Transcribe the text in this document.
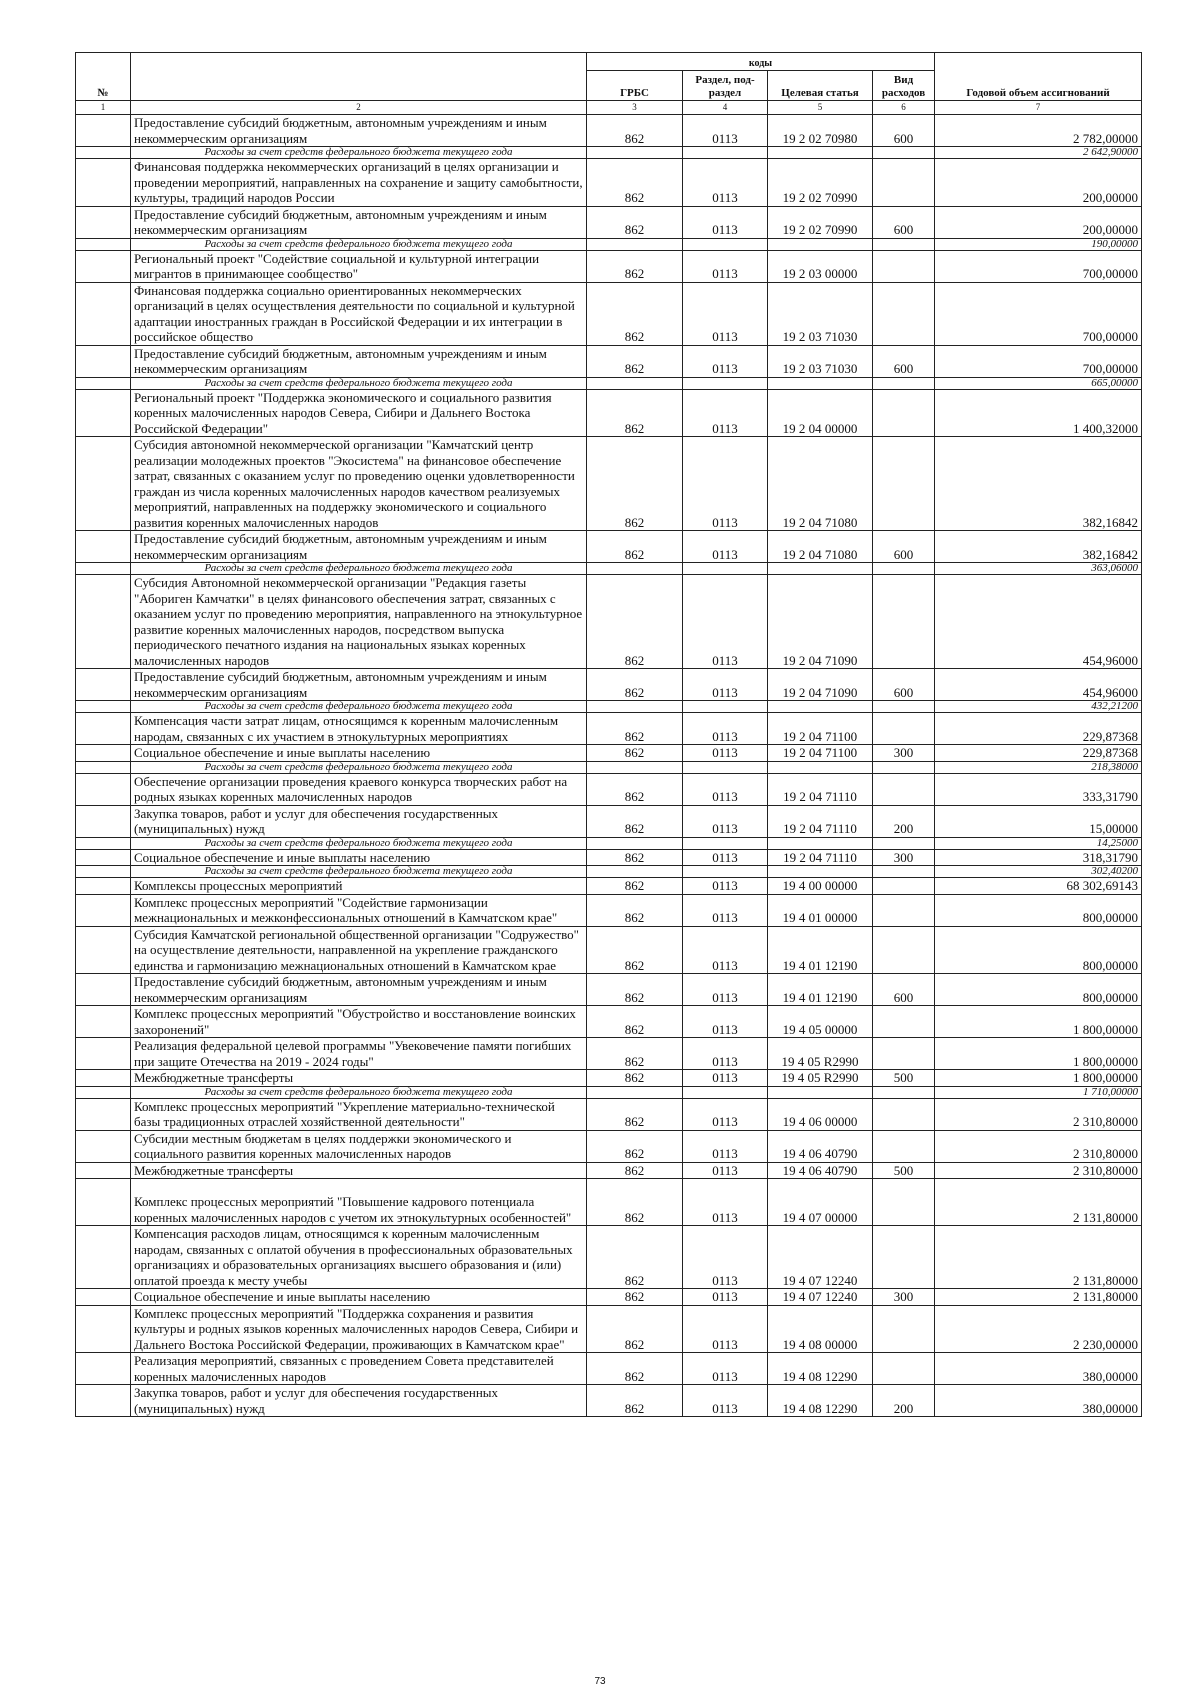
№		коды				Годовой объем ассигнований
		ГРБС	Раздел, под-раздел	Целевая статья	Вид расходов	
1	2	3	4	5	6	7
	Предоставление субсидий бюджетным, автономным учреждениям и иным некоммерческим организациям	862	0113	19 2 02 70980	600	2 782,00000
	Расходы за счет средств федерального бюджета текущего года					2 642,90000
	Финансовая поддержка некоммерческих организаций в целях организации и проведении мероприятий, направленных на сохранение и защиту самобытности, культуры, традиций народов России	862	0113	19 2 02 70990		200,00000
	Предоставление субсидий бюджетным, автономным учреждениям и иным некоммерческим организациям	862	0113	19 2 02 70990	600	200,00000
	Расходы за счет средств федерального бюджета текущего года					190,00000
	Региональный проект "Содействие социальной и культурной интеграции мигрантов в принимающее сообщество"	862	0113	19 2 03 00000		700,00000
	Финансовая поддержка социально ориентированных некоммерческих организаций в целях осуществления деятельности по социальной и культурной адаптации иностранных граждан в Российской Федерации и их интеграции в российское общество	862	0113	19 2 03 71030		700,00000
	Предоставление субсидий бюджетным, автономным учреждениям и иным некоммерческим организациям	862	0113	19 2 03 71030	600	700,00000
	Расходы за счет средств федерального бюджета текущего года					665,00000
	Региональный проект "Поддержка экономического и социального развития коренных малочисленных народов Севера, Сибири и Дальнего Востока Российской Федерации"	862	0113	19 2 04 00000		1 400,32000
	Субсидия автономной некоммерческой организации "Камчатский центр реализации молодежных проектов "Экосистема" на финансовое обеспечение затрат, связанных с оказанием услуг по проведению оценки удовлетворенности граждан из числа коренных малочисленных народов качеством реализуемых мероприятий, направленных на поддержку экономического и социального развития коренных малочисленных народов	862	0113	19 2 04 71080		382,16842
	Предоставление субсидий бюджетным, автономным учреждениям и иным некоммерческим организациям	862	0113	19 2 04 71080	600	382,16842
	Расходы за счет средств федерального бюджета текущего года					363,06000
	Субсидия Автономной некоммерческой организации "Редакция газеты "Абориген Камчатки" в целях финансового обеспечения затрат, связанных с оказанием услуг по проведению мероприятия, направленного на этнокультурное развитие коренных малочисленных народов, посредством выпуска периодического печатного издания на национальных языках коренных малочисленных народов	862	0113	19 2 04 71090		454,96000
	Предоставление субсидий бюджетным, автономным учреждениям и иным некоммерческим организациям	862	0113	19 2 04 71090	600	454,96000
	Расходы за счет средств федерального бюджета текущего года					432,21200
	Компенсация части затрат лицам, относящимся к коренным малочисленным народам, связанных с их участием в этнокультурных мероприятиях	862	0113	19 2 04 71100		229,87368
	Социальное обеспечение и иные выплаты населению	862	0113	19 2 04 71100	300	229,87368
	Расходы за счет средств федерального бюджета текущего года					218,38000
	Обеспечение организации проведения краевого конкурса творческих работ на родных языках коренных малочисленных народов	862	0113	19 2 04 71110		333,31790
	Закупка товаров, работ и услуг для обеспечения государственных (муниципальных) нужд	862	0113	19 2 04 71110	200	15,00000
	Расходы за счет средств федерального бюджета текущего года					14,25000
	Социальное обеспечение и иные выплаты населению	862	0113	19 2 04 71110	300	318,31790
	Расходы за счет средств федерального бюджета текущего года					302,40200
	Комплексы процессных мероприятий	862	0113	19 4 00 00000		68 302,69143
	Комплекс процессных мероприятий "Содействие гармонизации межнациональных и межконфессиональных отношений в Камчатском крае"	862	0113	19 4 01 00000		800,00000
	Субсидия Камчатской региональной общественной организации "Содружество" на осуществление деятельности, направленной на укрепление гражданского единства и гармонизацию межнациональных отношений в Камчатском крае	862	0113	19 4 01 12190		800,00000
	Предоставление субсидий бюджетным, автономным учреждениям и иным некоммерческим организациям	862	0113	19 4 01 12190	600	800,00000
	Комплекс процессных мероприятий "Обустройство и восстановление воинских захоронений"	862	0113	19 4 05 00000		1 800,00000
	Реализация федеральной целевой программы "Увековечение памяти погибших при защите Отечества на 2019 - 2024 годы"	862	0113	19 4 05 R2990		1 800,00000
	Межбюджетные трансферты	862	0113	19 4 05 R2990	500	1 800,00000
	Расходы за счет средств федерального бюджета текущего года					1 710,00000
	Комплекс процессных мероприятий "Укрепление материально-технической базы традиционных отраслей хозяйственной деятельности"	862	0113	19 4 06 00000		2 310,80000
	Субсидии местным бюджетам в целях поддержки экономического и социального развития коренных малочисленных народов	862	0113	19 4 06 40790		2 310,80000
	Межбюджетные трансферты	862	0113	19 4 06 40790	500	2 310,80000
	Комплекс процессных мероприятий "Повышение кадрового потенциала коренных малочисленных народов с учетом их этнокультурных особенностей"	862	0113	19 4 07 00000		2 131,80000
	Компенсация расходов лицам, относящимся к коренным малочисленным народам, связанных с оплатой обучения в профессиональных образовательных организациях и образовательных организациях высшего образования и (или) оплатой проезда к месту учебы	862	0113	19 4 07 12240		2 131,80000
	Социальное обеспечение и иные выплаты населению	862	0113	19 4 07 12240	300	2 131,80000
	Комплекс процессных мероприятий "Поддержка сохранения и развития культуры и родных языков коренных малочисленных народов Севера, Сибири и Дальнего Востока Российской Федерации, проживающих в Камчатском крае"	862	0113	19 4 08 00000		2 230,00000
	Реализация мероприятий, связанных с проведением Совета представителей коренных малочисленных народов	862	0113	19 4 08 12290		380,00000
	Закупка товаров, работ и услуг для обеспечения государственных (муниципальных) нужд	862	0113	19 4 08 12290	200	380,00000
73
